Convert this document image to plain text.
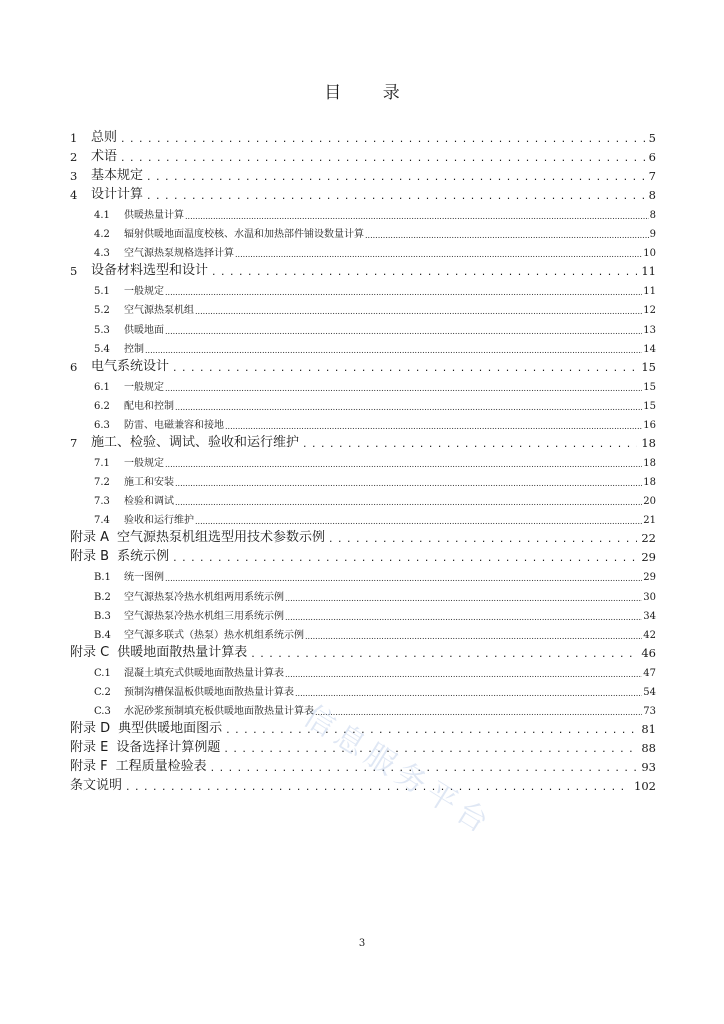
目 录
1	总则 . . .	5
2	术语 . . .	6
3	基本规定 . . .	7
4	设计计算 . . .	8
4.1	供暖热量计算 .....	8
4.2	辐射供暖地面温度校核、水温和加热部件铺设数量计算 .....	9
4.3	空气源热泵规格选择计算 .....	10
5	设备材料选型和设计 . . .	11
5.1	一般规定 .....	11
5.2	空气源热泵机组 .....	12
5.3	供暖地面 .....	13
5.4	控制 .....	14
6	电气系统设计 . . .	15
6.1	一般规定 .....	15
6.2	配电和控制 .....	15
6.3	防雷、电磁兼容和接地 .....	16
7	施工、检验、调试、验收和运行维护 . . .	18
7.1	一般规定 .....	18
7.2	施工和安装 .....	18
7.3	检验和调试 .....	20
7.4	验收和运行维护 .....	21
附录 A 空气源热泵机组选型用技术参数示例 . . .	22
附录 B 系统示例 . . .	29
B.1	统一图例 .....	29
B.2	空气源热泵冷热水机组两用系统示例 .....	30
B.3	空气源热泵冷热水机组三用系统示例 .....	34
B.4	空气源多联式（热泵）热水机组系统示例 .....	42
附录 C 供暖地面散热量计算表 . . .	46
C.1	混凝土填充式供暖地面散热量计算表 .....	47
C.2	预制沟槽保温板供暖地面散热量计算表 .....	54
C.3	水泥砂浆预制填充板供暖地面散热量计算表 .....	73
附录 D 典型供暖地面图示 . . .	81
附录 E 设备选择计算例题 . . .	88
附录 F 工程质量检验表 . . .	93
条文说明 . . .	102
信息服务平台
3
